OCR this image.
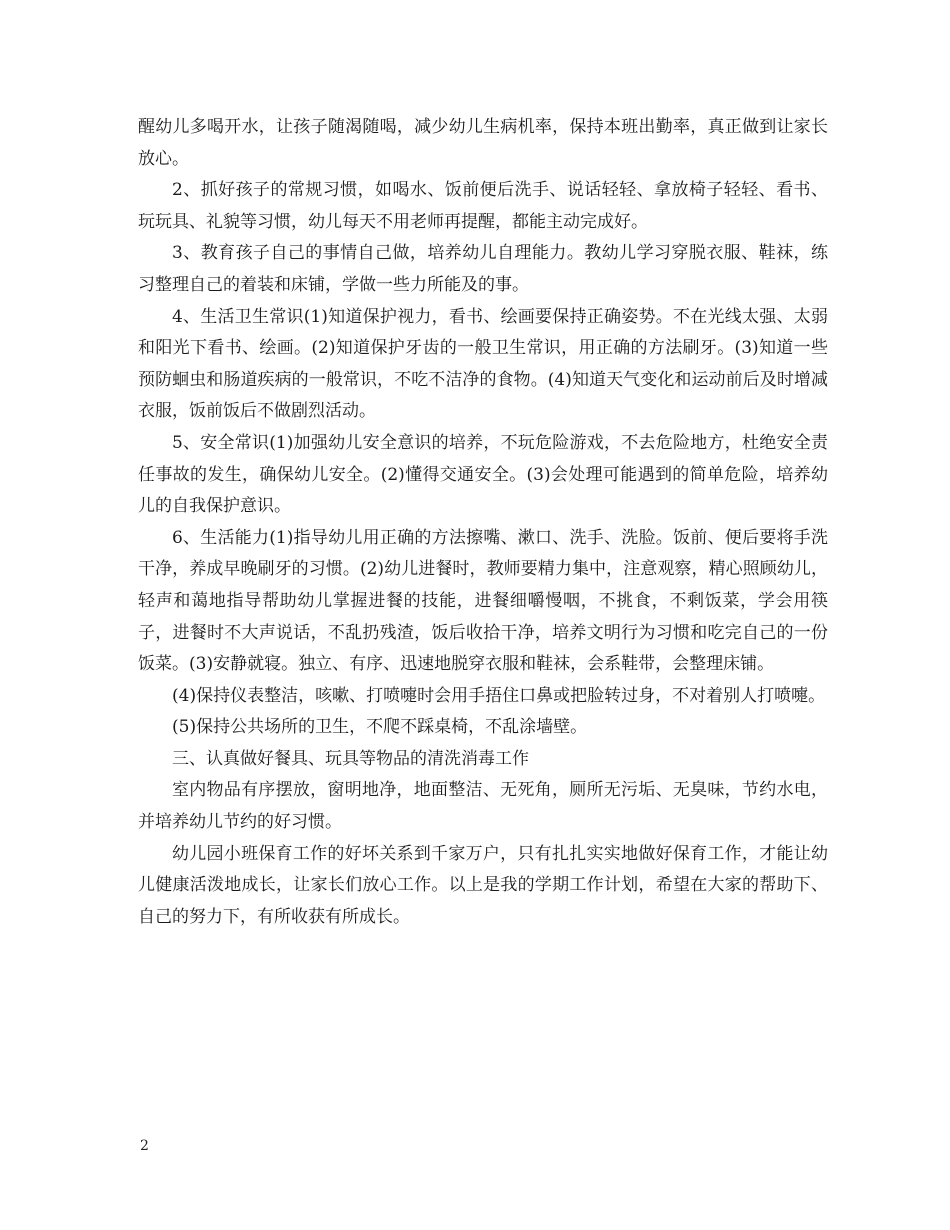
醒幼儿多喝开水，让孩子随渴随喝，减少幼儿生病机率，保持本班出勤率，真正做到让家长放心。

2、抓好孩子的常规习惯，如喝水、饭前便后洗手、说话轻轻、拿放椅子轻轻、看书、玩玩具、礼貌等习惯，幼儿每天不用老师再提醒，都能主动完成好。

3、教育孩子自己的事情自己做，培养幼儿自理能力。教幼儿学习穿脱衣服、鞋袜，练习整理自己的着装和床铺，学做一些力所能及的事。

4、生活卫生常识(1)知道保护视力，看书、绘画要保持正确姿势。不在光线太强、太弱和阳光下看书、绘画。(2)知道保护牙齿的一般卫生常识，用正确的方法刷牙。(3)知道一些预防蛔虫和肠道疾病的一般常识，不吃不洁净的食物。(4)知道天气变化和运动前后及时增减衣服，饭前饭后不做剧烈活动。

5、安全常识(1)加强幼儿安全意识的培养，不玩危险游戏，不去危险地方，杜绝安全责任事故的发生，确保幼儿安全。(2)懂得交通安全。(3)会处理可能遇到的简单危险，培养幼儿的自我保护意识。

6、生活能力(1)指导幼儿用正确的方法擦嘴、漱口、洗手、洗脸。饭前、便后要将手洗干净，养成早晚刷牙的习惯。(2)幼儿进餐时，教师要精力集中，注意观察，精心照顾幼儿，轻声和蔼地指导帮助幼儿掌握进餐的技能，进餐细嚼慢咽，不挑食，不剩饭菜，学会用筷子，进餐时不大声说话，不乱扔残渣，饭后收拾干净，培养文明行为习惯和吃完自己的一份饭菜。(3)安静就寝。独立、有序、迅速地脱穿衣服和鞋袜，会系鞋带，会整理床铺。

(4)保持仪表整洁，咳嗽、打喷嚏时会用手捂住口鼻或把脸转过身，不对着别人打喷嚏。

(5)保持公共场所的卫生，不爬不踩桌椅，不乱涂墙壁。

三、认真做好餐具、玩具等物品的清洗消毒工作

室内物品有序摆放，窗明地净，地面整洁、无死角，厕所无污垢、无臭味，节约水电，并培养幼儿节约的好习惯。

幼儿园小班保育工作的好坏关系到千家万户，只有扎扎实实地做好保育工作，才能让幼儿健康活泼地成长，让家长们放心工作。以上是我的学期工作计划，希望在大家的帮助下、自己的努力下，有所收获有所成长。

2
